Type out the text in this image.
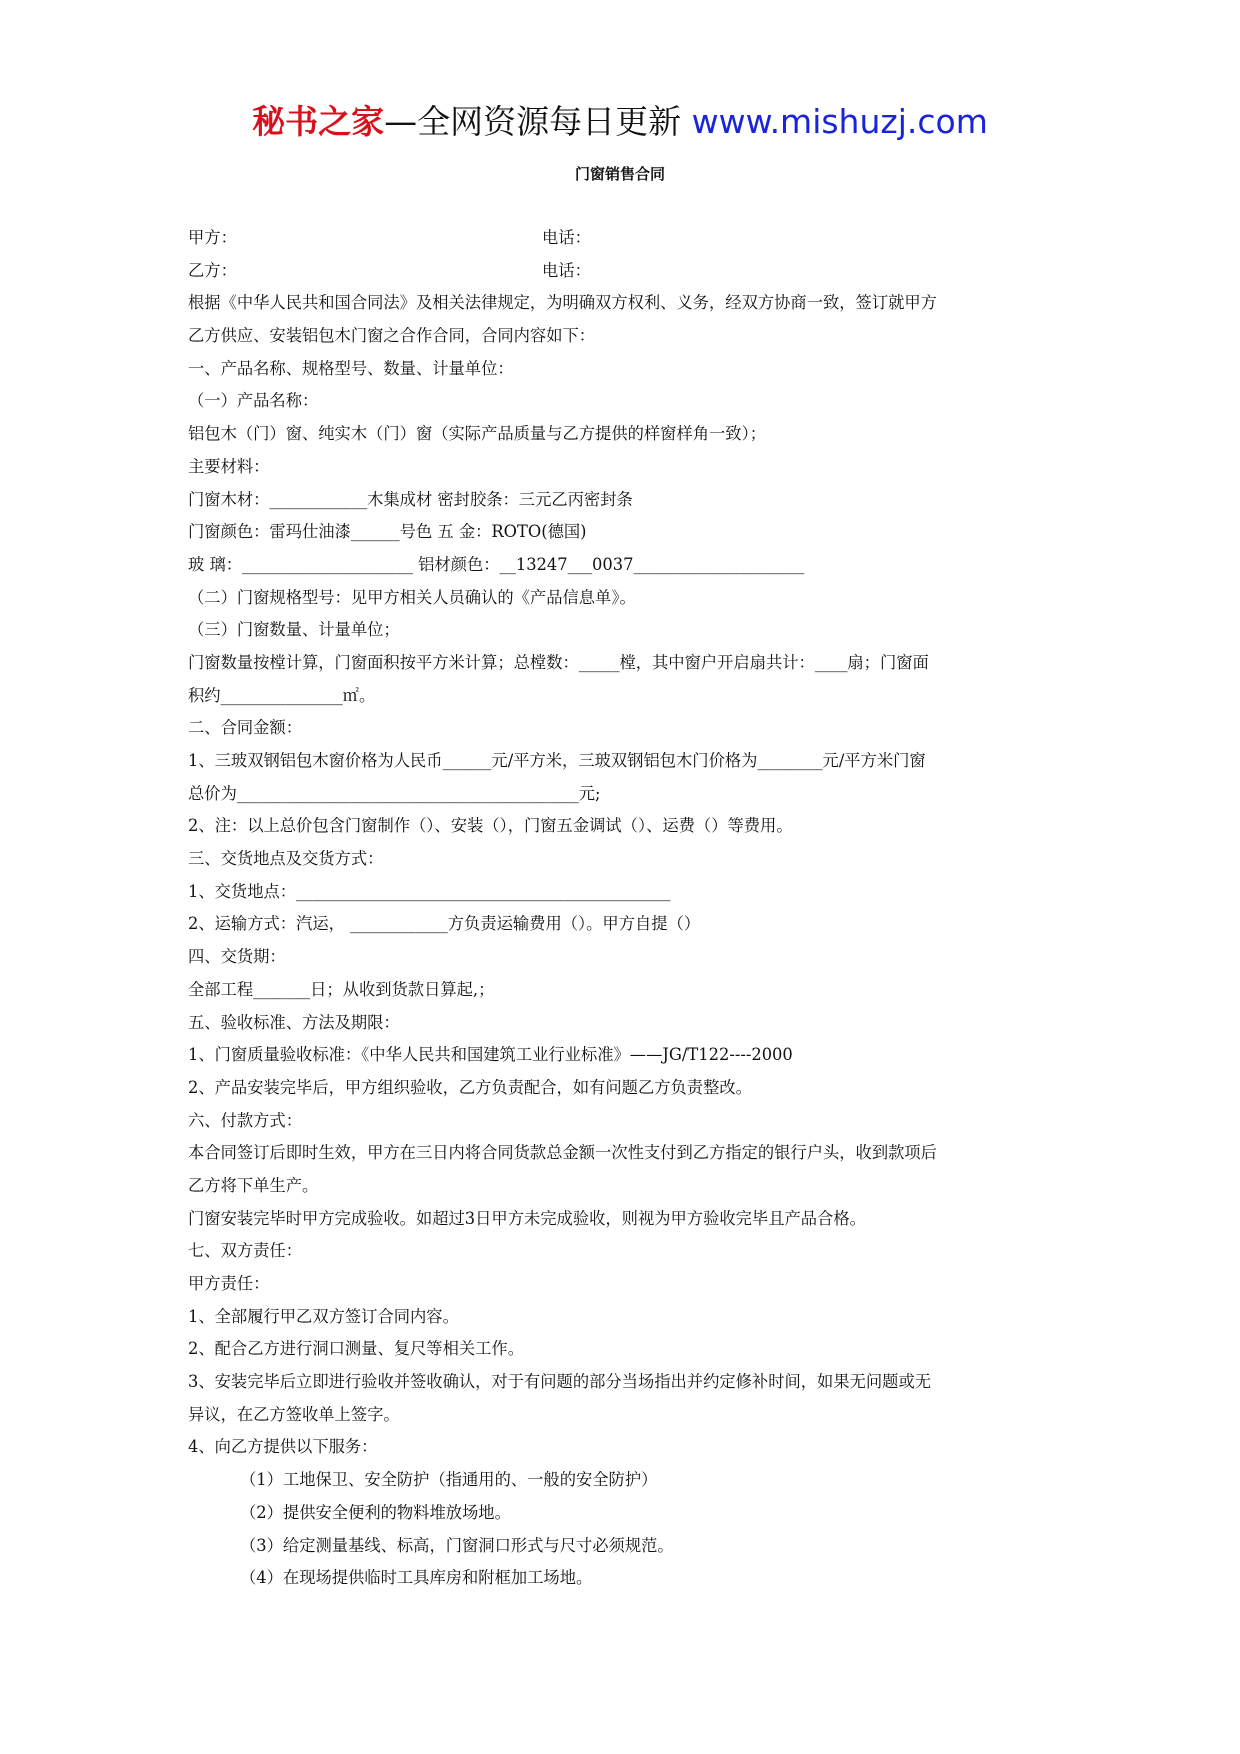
秘书之家—全网资源每日更新 www.mishuzj.com
门窗销售合同
甲方：	电话：
乙方：	电话：

根据《中华人民共和国合同法》及相关法律规定，为明确双方权利、义务，经双方协商一致，签订就甲方

乙方供应、安装铝包木门窗之合作合同，合同内容如下：

一、产品名称、规格型号、数量、计量单位：

（一）产品名称：

铝包木（门）窗、纯实木（门）窗（实际产品质量与乙方提供的样窗样角一致）；

主要材料：

门窗木材：____________木集成材 密封胶条：三元乙丙密封条

门窗颜色：雷玛仕油漆______号色 五 金：ROTO(德国)

玻 璃：_____________________ 铝材颜色：__13247___0037_____________________

（二）门窗规格型号：见甲方相关人员确认的《产品信息单》。

（三）门窗数量、计量单位；

门窗数量按樘计算，门窗面积按平方米计算；总樘数：_____樘，其中窗户开启扇共计：____扇；门窗面

积约_______________㎡。

二、合同金额：

1、三玻双钢铝包木窗价格为人民币______元/平方米，三玻双钢铝包木门价格为________元/平方米门窗

总价为__________________________________________元;

2、注：以上总价包含门窗制作（）、安装（），门窗五金调试（）、运费（）等费用。

三、交货地点及交货方式：

1、交货地点：______________________________________________

2、运输方式：汽运， ____________方负责运输费用（）。甲方自提（）

四、交货期：

全部工程_______日；从收到货款日算起,；

五、验收标准、方法及期限：

1、门窗质量验收标准：《中华人民共和国建筑工业行业标准》——JG/T122----2000

2、产品安装完毕后，甲方组织验收，乙方负责配合，如有问题乙方负责整改。

六、付款方式：

本合同签订后即时生效，甲方在三日内将合同货款总金额一次性支付到乙方指定的银行户头，收到款项后

乙方将下单生产。

门窗安装完毕时甲方完成验收。如超过3日甲方未完成验收，则视为甲方验收完毕且产品合格。

七、双方责任：

甲方责任：

1、全部履行甲乙双方签订合同内容。

2、配合乙方进行洞口测量、复尺等相关工作。

3、安装完毕后立即进行验收并签收确认，对于有问题的部分当场指出并约定修补时间，如果无问题或无

异议，在乙方签收单上签字。

4、向乙方提供以下服务：

（1）工地保卫、安全防护（指通用的、一般的安全防护）

（2）提供安全便利的物料堆放场地。

（3）给定测量基线、标高，门窗洞口形式与尺寸必须规范。

（4）在现场提供临时工具库房和附框加工场地。
